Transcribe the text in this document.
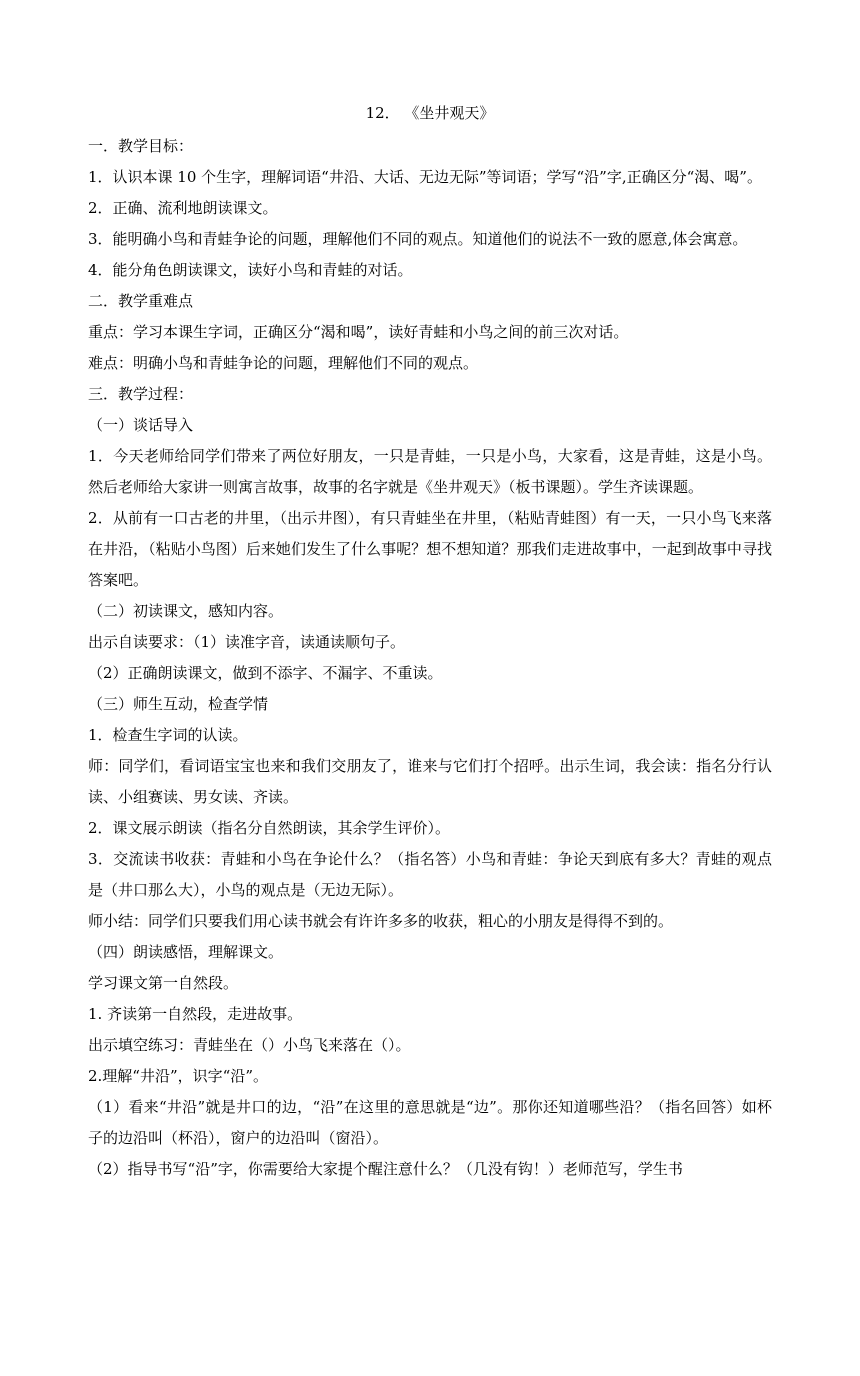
12． 《坐井观天》

一．教学目标：

1．认识本课 10 个生字，理解词语“井沿、大话、无边无际”等词语；学写“沿”字,正确区分“渴、喝”。

2．正确、流利地朗读课文。

3．能明确小鸟和青蛙争论的问题，理解他们不同的观点。知道他们的说法不一致的愿意,体会寓意。

4．能分角色朗读课文，读好小鸟和青蛙的对话。

二．教学重难点

重点：学习本课生字词，正确区分“渴和喝”，读好青蛙和小鸟之间的前三次对话。

难点：明确小鸟和青蛙争论的问题，理解他们不同的观点。

三．教学过程：

（一）谈话导入

1．今天老师给同学们带来了两位好朋友，一只是青蛙，一只是小鸟，大家看，这是青蛙，这是小鸟。然后老师给大家讲一则寓言故事，故事的名字就是《坐井观天》（板书课题）。学生齐读课题。

2．从前有一口古老的井里，（出示井图），有只青蛙坐在井里，（粘贴青蛙图）有一天，一只小鸟飞来落在井沿，（粘贴小鸟图）后来她们发生了什么事呢？想不想知道？那我们走进故事中，一起到故事中寻找答案吧。

（二）初读课文，感知内容。

出示自读要求：（1）读准字音，读通读顺句子。

（2）正确朗读课文，做到不添字、不漏字、不重读。

（三）师生互动，检查学情

1．检查生字词的认读。

师：同学们，看词语宝宝也来和我们交朋友了，谁来与它们打个招呼。出示生词，我会读：指名分行认读、小组赛读、男女读、齐读。

2．课文展示朗读（指名分自然朗读，其余学生评价）。

3．交流读书收获：青蛙和小鸟在争论什么？（指名答）小鸟和青蛙：争论天到底有多大？青蛙的观点是（井口那么大），小鸟的观点是（无边无际）。

师小结：同学们只要我们用心读书就会有许许多多的收获，粗心的小朋友是得得不到的。

（四）朗读感悟，理解课文。

学习课文第一自然段。

1. 齐读第一自然段，走进故事。

出示填空练习：青蛙坐在（）小鸟飞来落在（）。

2.理解“井沿”，识字“沿”。

（1）看来“井沿”就是井口的边，“沿”在这里的意思就是“边”。那你还知道哪些沿？（指名回答）如杯子的边沿叫（杯沿），窗户的边沿叫（窗沿）。

（2）指导书写“沿”字，你需要给大家提个醒注意什么？（几没有钩！）老师范写，学生书
